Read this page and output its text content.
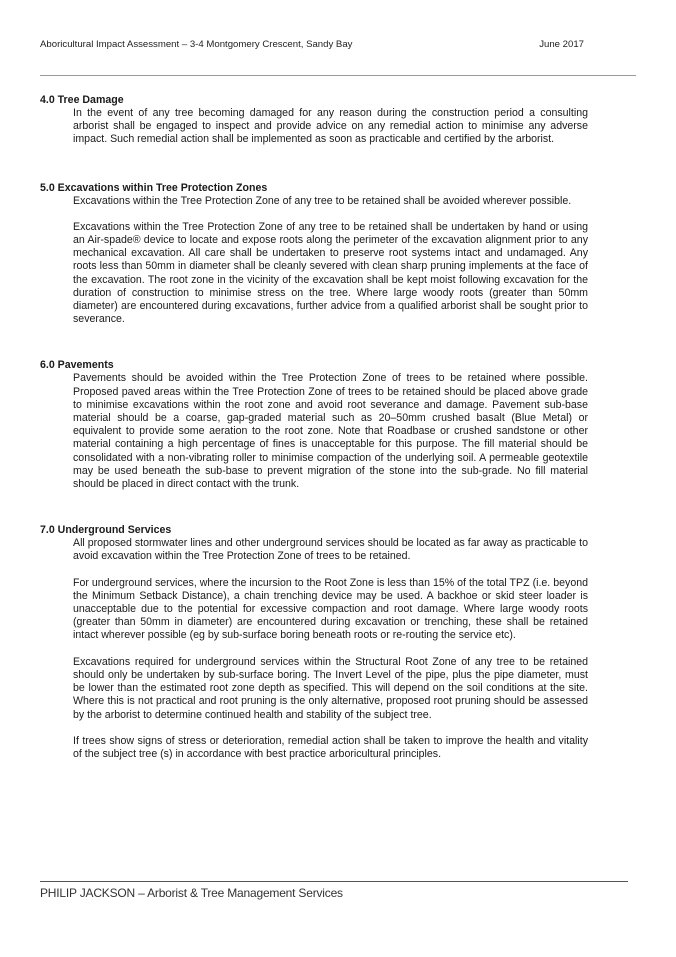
Aboricultural Impact Assessment – 3-4 Montgomery Crescent, Sandy Bay	June 2017

4.0 Tree Damage

In the event of any tree becoming damaged for any reason during the construction period a consulting arborist shall be engaged to inspect and provide advice on any remedial action to minimise any adverse impact. Such remedial action shall be implemented as soon as practicable and certified by the arborist.

5.0 Excavations within Tree Protection Zones

Excavations within the Tree Protection Zone of any tree to be retained shall be avoided wherever possible.

Excavations within the Tree Protection Zone of any tree to be retained shall be undertaken by hand or using an Air-spade® device to locate and expose roots along the perimeter of the excavation alignment prior to any mechanical excavation. All care shall be undertaken to preserve root systems intact and undamaged. Any roots less than 50mm in diameter shall be cleanly severed with clean sharp pruning implements at the face of the excavation. The root zone in the vicinity of the excavation shall be kept moist following excavation for the duration of construction to minimise stress on the tree. Where large woody roots (greater than 50mm diameter) are encountered during excavations, further advice from a qualified arborist shall be sought prior to severance.

6.0 Pavements

Pavements should be avoided within the Tree Protection Zone of trees to be retained where possible. Proposed paved areas within the Tree Protection Zone of trees to be retained should be placed above grade to minimise excavations within the root zone and avoid root severance and damage. Pavement sub-base material should be a coarse, gap-graded material such as 20–50mm crushed basalt (Blue Metal) or equivalent to provide some aeration to the root zone. Note that Roadbase or crushed sandstone or other material containing a high percentage of fines is unacceptable for this purpose. The fill material should be consolidated with a non-vibrating roller to minimise compaction of the underlying soil. A permeable geotextile may be used beneath the sub-base to prevent migration of the stone into the sub-grade. No fill material should be placed in direct contact with the trunk.

7.0 Underground Services

All proposed stormwater lines and other underground services should be located as far away as practicable to avoid excavation within the Tree Protection Zone of trees to be retained.

For underground services, where the incursion to the Root Zone is less than 15% of the total TPZ (i.e. beyond the Minimum Setback Distance), a chain trenching device may be used. A backhoe or skid steer loader is unacceptable due to the potential for excessive compaction and root damage. Where large woody roots (greater than 50mm in diameter) are encountered during excavation or trenching, these shall be retained intact wherever possible (eg by sub-surface boring beneath roots or re-routing the service etc).

Excavations required for underground services within the Structural Root Zone of any tree to be retained should only be undertaken by sub-surface boring. The Invert Level of the pipe, plus the pipe diameter, must be lower than the estimated root zone depth as specified. This will depend on the soil conditions at the site. Where this is not practical and root pruning is the only alternative, proposed root pruning should be assessed by the arborist to determine continued health and stability of the subject tree.

If trees show signs of stress or deterioration, remedial action shall be taken to improve the health and vitality of the subject tree (s) in accordance with best practice arboricultural principles.

PHILIP JACKSON – Arborist & Tree Management Services
